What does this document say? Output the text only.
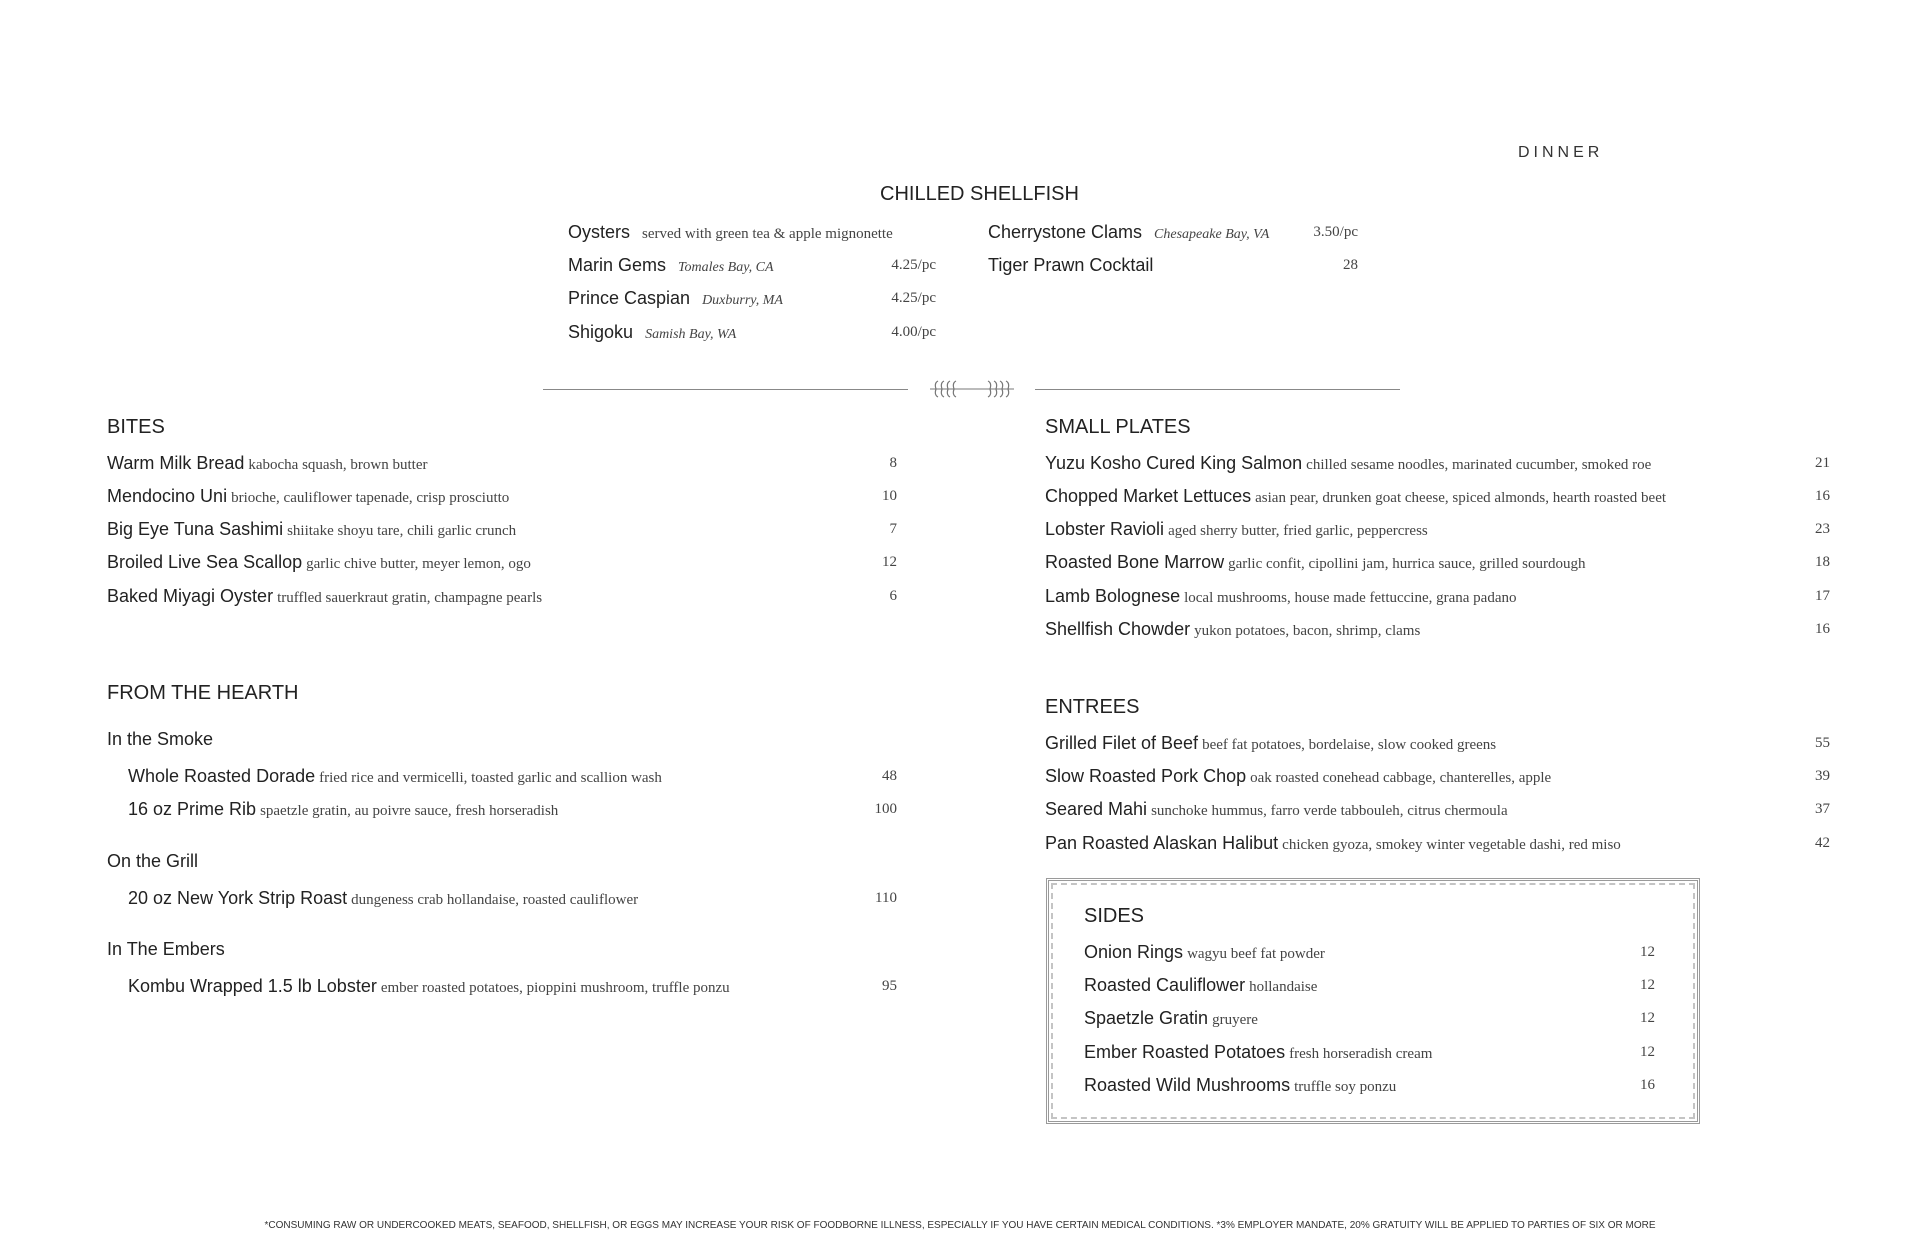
DINNER
CHILLED SHELLFISH
Oysters served with green tea & apple mignonette
Marin Gems Tomales Bay, CA	4.25/pc
Prince Caspian Duxburry, MA	4.25/pc
Shigoku Samish Bay, WA	4.00/pc
Cherrystone Clams Chesapeake Bay, VA	3.50/pc
Tiger Prawn Cocktail	28
BITES
Warm Milk Bread kabocha squash, brown butter	8
Mendocino Uni brioche, cauliflower tapenade, crisp prosciutto	10
Big Eye Tuna Sashimi shiitake shoyu tare, chili garlic crunch	7
Broiled Live Sea Scallop garlic chive butter, meyer lemon, ogo	12
Baked Miyagi Oyster truffled sauerkraut gratin, champagne pearls	6
FROM THE HEARTH
In the Smoke
Whole Roasted Dorade fried rice and vermicelli, toasted garlic and scallion wash	48
16 oz Prime Rib spaetzle gratin, au poivre sauce, fresh horseradish	100
On the Grill
20 oz New York Strip Roast dungeness crab hollandaise, roasted cauliflower	110
In The Embers
Kombu Wrapped 1.5 lb Lobster ember roasted potatoes, pioppini mushroom, truffle ponzu	95
SMALL PLATES
Yuzu Kosho Cured King Salmon chilled sesame noodles, marinated cucumber, smoked roe	21
Chopped Market Lettuces asian pear, drunken goat cheese, spiced almonds, hearth roasted beet	16
Lobster Ravioli aged sherry butter, fried garlic, peppercress	23
Roasted Bone Marrow garlic confit, cipollini jam, hurrica sauce, grilled sourdough	18
Lamb Bolognese local mushrooms, house made fettuccine, grana padano	17
Shellfish Chowder yukon potatoes, bacon, shrimp, clams	16
ENTREES
Grilled Filet of Beef beef fat potatoes, bordelaise, slow cooked greens	55
Slow Roasted Pork Chop oak roasted conehead cabbage, chanterelles, apple	39
Seared Mahi sunchoke hummus, farro verde tabbouleh, citrus chermoula	37
Pan Roasted Alaskan Halibut chicken gyoza, smokey winter vegetable dashi, red miso	42
SIDES
Onion Rings wagyu beef fat powder	12
Roasted Cauliflower hollandaise	12
Spaetzle Gratin gruyere	12
Ember Roasted Potatoes fresh horseradish cream	12
Roasted Wild Mushrooms truffle soy ponzu	16
*CONSUMING RAW OR UNDERCOOKED MEATS, SEAFOOD, SHELLFISH, OR EGGS MAY INCREASE YOUR RISK OF FOODBORNE ILLNESS, ESPECIALLY IF YOU HAVE CERTAIN MEDICAL CONDITIONS. *3% EMPLOYER MANDATE, 20% GRATUITY WILL BE APPLIED TO PARTIES OF SIX OR MORE
